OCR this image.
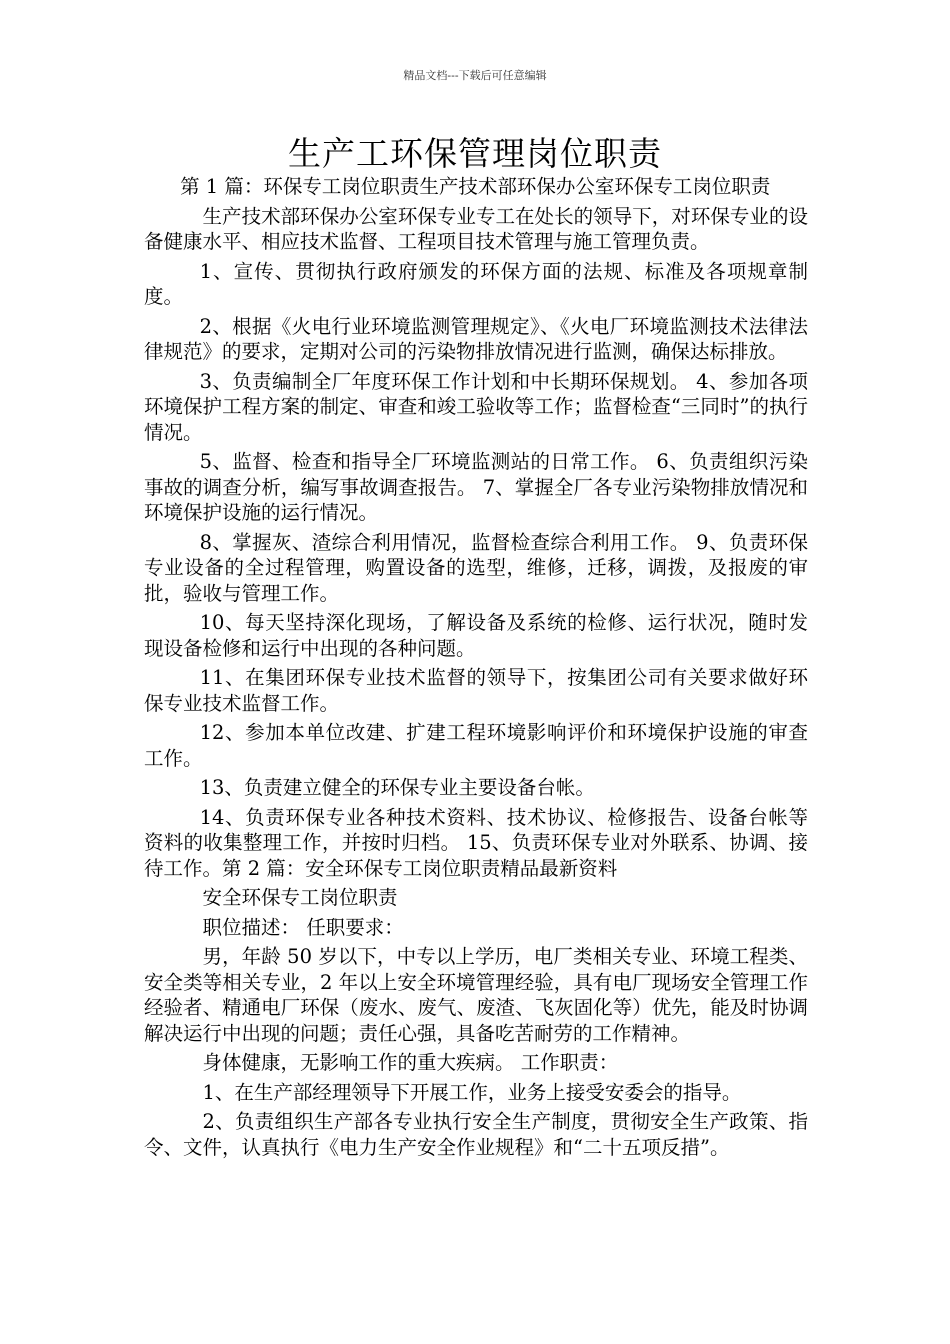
精品文档---下载后可任意编辑
生产工环保管理岗位职责

第 1 篇：环保专工岗位职责生产技术部环保办公室环保专工岗位职责

生产技术部环保办公室环保专业专工在处长的领导下，对环保专业的设备健康水平、相应技术监督、工程项目技术管理与施工管理负责。

1、宣传、贯彻执行政府颁发的环保方面的法规、标准及各项规章制度。

2、根据《火电行业环境监测管理规定》、《火电厂环境监测技术法律法律规范》的要求，定期对公司的污染物排放情况进行监测，确保达标排放。

3、负责编制全厂年度环保工作计划和中长期环保规划。 4、参加各项环境保护工程方案的制定、审查和竣工验收等工作；监督检查“三同时”的执行情况。

5、监督、检查和指导全厂环境监测站的日常工作。 6、负责组织污染事故的调查分析，编写事故调查报告。 7、掌握全厂各专业污染物排放情况和环境保护设施的运行情况。

8、掌握灰、渣综合利用情况，监督检查综合利用工作。 9、负责环保专业设备的全过程管理，购置设备的选型，维修，迁移，调拨，及报废的审批，验收与管理工作。

10、每天坚持深化现场，了解设备及系统的检修、运行状况，随时发现设备检修和运行中出现的各种问题。

11、在集团环保专业技术监督的领导下，按集团公司有关要求做好环保专业技术监督工作。

12、参加本单位改建、扩建工程环境影响评价和环境保护设施的审查工作。

13、负责建立健全的环保专业主要设备台帐。

14、负责环保专业各种技术资料、技术协议、检修报告、设备台帐等资料的收集整理工作，并按时归档。 15、负责环保专业对外联系、协调、接待工作。第 2 篇：安全环保专工岗位职责精品最新资料

安全环保专工岗位职责

职位描述： 任职要求：

男，年龄 50 岁以下，中专以上学历，电厂类相关专业、环境工程类、安全类等相关专业，2 年以上安全环境管理经验，具有电厂现场安全管理工作经验者、精通电厂环保（废水、废气、废渣、飞灰固化等）优先，能及时协调解决运行中出现的问题；责任心强，具备吃苦耐劳的工作精神。

身体健康，无影响工作的重大疾病。 工作职责：

1、在生产部经理领导下开展工作，业务上接受安委会的指导。

2、负责组织生产部各专业执行安全生产制度，贯彻安全生产政策、指令、文件，认真执行《电力生产安全作业规程》和“二十五项反措”。
